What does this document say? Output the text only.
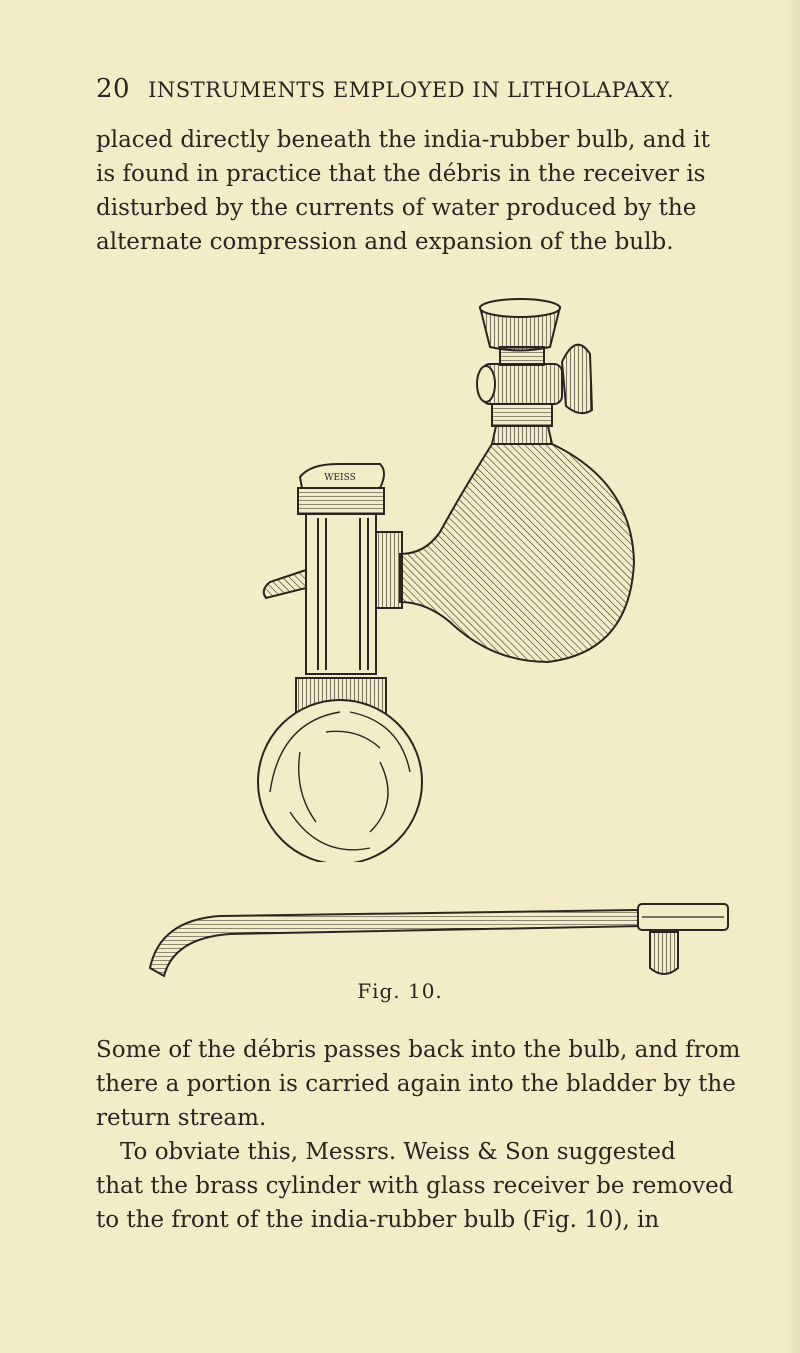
20 INSTRUMENTS EMPLOYED IN LITHOLAPAXY.

placed directly beneath the india-rubber bulb, and it
is found in practice that the débris in the receiver is
disturbed by the currents of water produced by the
alternate compression and expansion of the bulb.

WEISS
Fig. 10.

Some of the débris passes back into the bulb, and from
there a portion is carried again into the bladder by the
return stream.

To obviate this, Messrs. Weiss & Son suggested
that the brass cylinder with glass receiver be removed
to the front of the india-rubber bulb (Fig. 10), in
